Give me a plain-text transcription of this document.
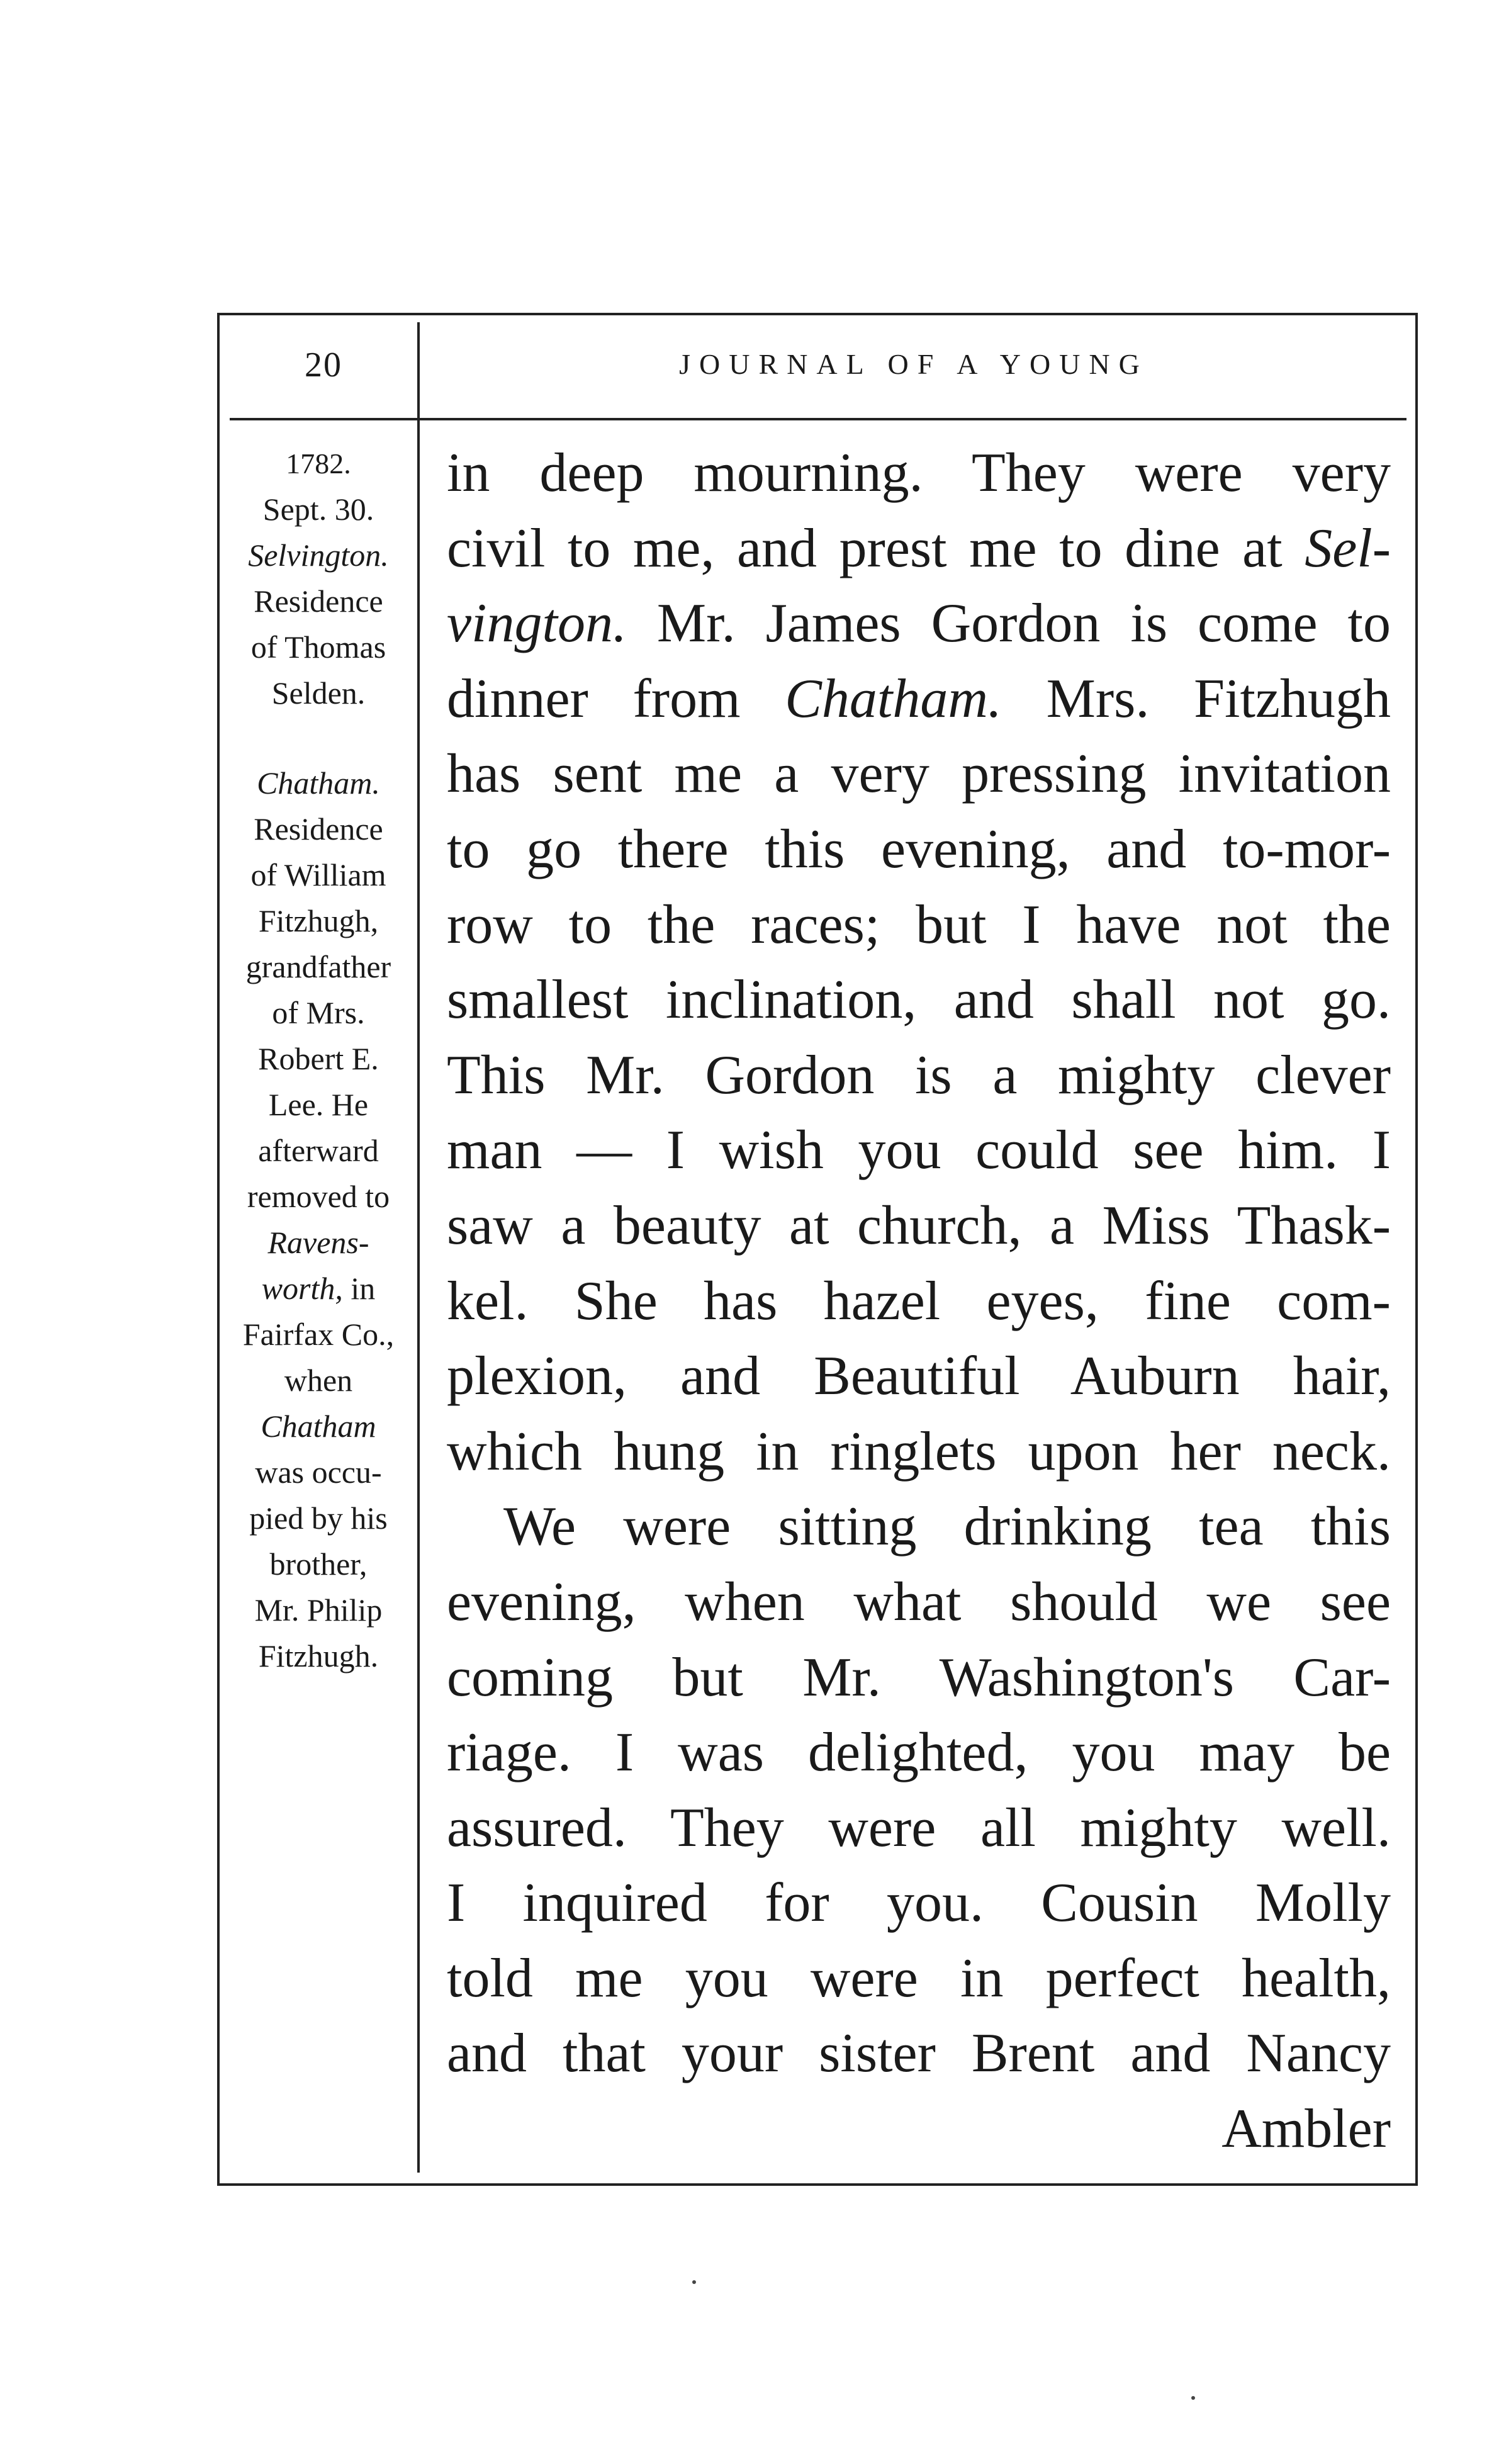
20	JOURNAL OF A YOUNG
1782.
Sept. 30.
Selvington.
Residence
of Thomas
Selden.
Chatham.
Residence
of William
Fitzhugh,
grandfather
of Mrs.
Robert E.
Lee. He
afterward
removed to
Ravens-
worth, in
Fairfax Co.,
when
Chatham
was occu-
pied by his
brother,
Mr. Philip
Fitzhugh.
in deep mourning. They were very
civil to me, and prest me to dine at Sel-
vington. Mr. James Gordon is come to
dinner from Chatham. Mrs. Fitzhugh
has sent me a very pressing invitation
to go there this evening, and to-mor-
row to the races; but I have not the
smallest inclination, and shall not go.
This Mr. Gordon is a mighty clever
man — I wish you could see him. I
saw a beauty at church, a Miss Thask-
kel. She has hazel eyes, fine com-
plexion, and Beautiful Auburn hair,
which hung in ringlets upon her neck.
We were sitting drinking tea this
evening, when what should we see
coming but Mr. Washington's Car-
riage. I was delighted, you may be
assured. They were all mighty well.
I inquired for you. Cousin Molly
told me you were in perfect health,
and that your sister Brent and Nancy
Ambler
